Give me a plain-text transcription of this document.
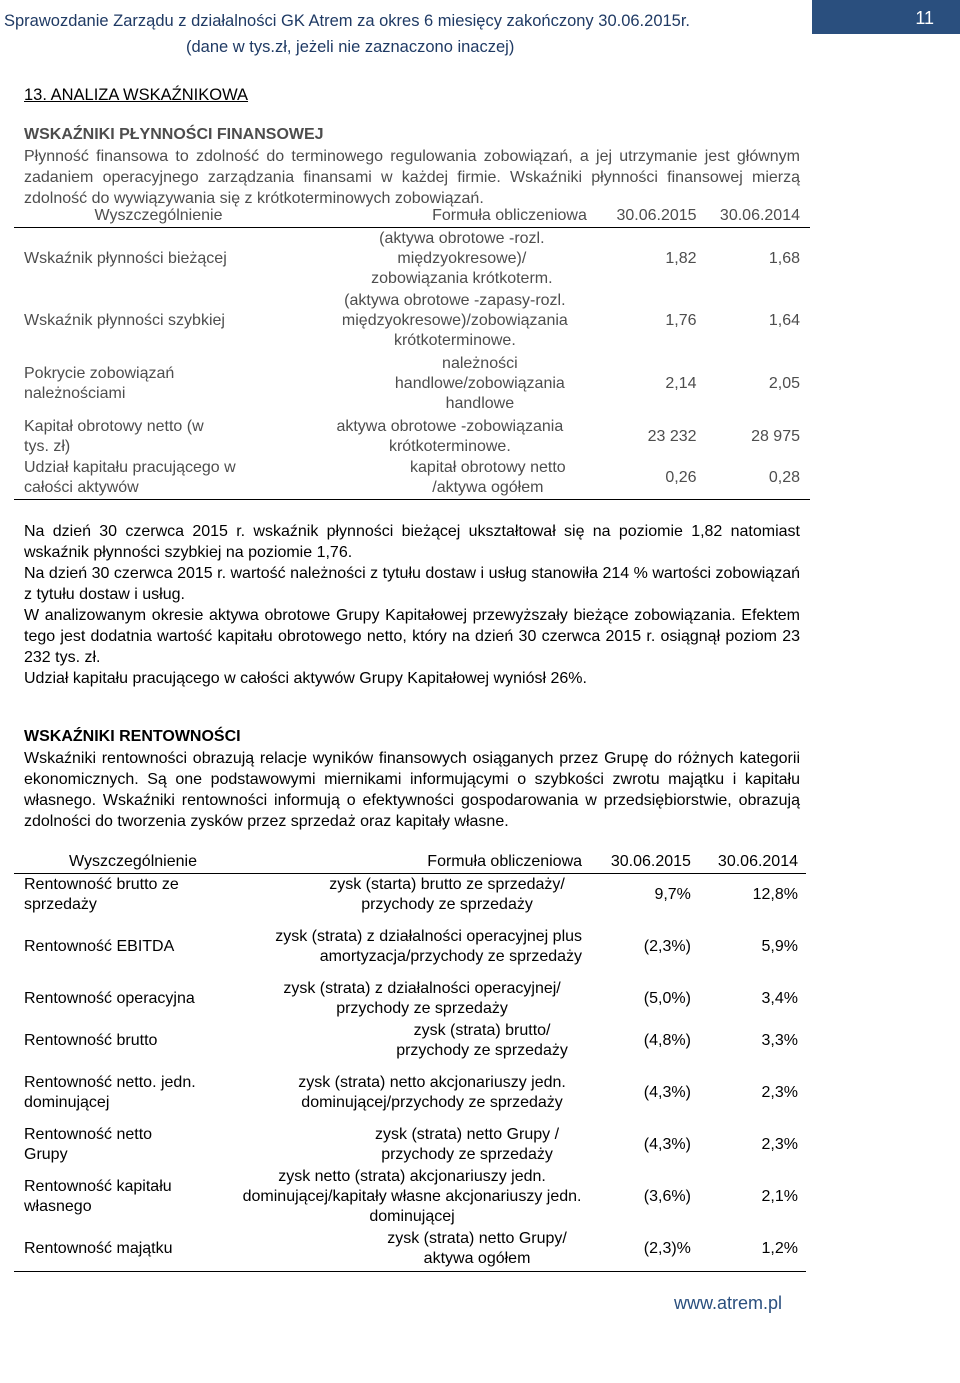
Sprawozdanie Zarządu z działalności GK Atrem za okres 6 miesięcy zakończony 30.06.2015r.
(dane w tys.zł, jeżeli nie zaznaczono inaczej)
11
13. ANALIZA WSKAŹNIKOWA
WSKAŹNIKI PŁYNNOŚCI FINANSOWEJ
Płynność finansowa to zdolność do terminowego regulowania zobowiązań, a jej utrzymanie jest głównym zadaniem operacyjnego zarządzania finansami w każdej firmie. Wskaźniki płynności finansowej mierzą zdolność do wywiązywania się z krótkoterminowych zobowiązań.
Wyszczególnienie	Formuła obliczeniowa	30.06.2015	30.06.2014
Wskaźnik płynności bieżącej	(aktywa obrotowe -rozl. międzyokresowe)/ zobowiązania krótkoterm.	1,82	1,68
Wskaźnik płynności szybkiej	(aktywa obrotowe -zapasy-rozl. międzyokresowe)/zobowiązania krótkoterminowe.	1,76	1,64

Pokrycie zobowiązań należnościami	należności handlowe/zobowiązania handlowe	2,14	2,05

Kapitał obrotowy netto (w tys. zł)	aktywa obrotowe -zobowiązania krótkoterminowe.	23 232	28 975

Udział kapitału pracującego w całości aktywów	kapitał obrotowy netto /aktywa ogółem	0,26	0,28
Na dzień 30 czerwca 2015 r. wskaźnik płynności bieżącej ukształtował się na poziomie 1,82 natomiast wskaźnik płynności szybkiej na poziomie 1,76.
Na dzień 30 czerwca 2015 r. wartość należności z tytułu dostaw i usług stanowiła 214 % wartości zobowiązań z tytułu dostaw i usług.
W analizowanym okresie aktywa obrotowe Grupy Kapitałowej przewyższały bieżące zobowiązania. Efektem tego jest dodatnia wartość kapitału obrotowego netto, który na dzień 30 czerwca 2015 r. osiągnął poziom 23 232 tys. zł.
Udział kapitału pracującego w całości aktywów Grupy Kapitałowej wyniósł 26%.
WSKAŹNIKI RENTOWNOŚCI
Wskaźniki rentowności obrazują relacje wyników finansowych osiąganych przez Grupę do różnych kategorii ekonomicznych. Są one podstawowymi miernikami informującymi o szybkości zwrotu majątku i kapitału własnego. Wskaźniki rentowności informują o efektywności gospodarowania w przedsiębiorstwie, obrazują zdolności do tworzenia zysków przez sprzedaż oraz kapitały własne.
Wyszczególnienie	Formuła obliczeniowa	30.06.2015	30.06.2014

Rentowność brutto ze sprzedaży	zysk (starta) brutto ze sprzedaży/ przychody ze sprzedaży	9,7%	12,8%
Rentowność EBITDA	zysk (strata) z działalności operacyjnej plus amortyzacja/przychody ze sprzedaży	(2,3%)	5,9%
Rentowność operacyjna	zysk (strata) z działalności operacyjnej/ przychody ze sprzedaży	(5,0%)	3,4%
Rentowność brutto	zysk (strata) brutto/ przychody ze sprzedaży	(4,8%)	3,3%

Rentowność netto. jedn. dominującej	zysk (strata) netto akcjonariuszy jedn. dominującej/przychody ze sprzedaży	(4,3%)	2,3%

Rentowność netto Grupy	zysk (strata) netto Grupy / przychody ze sprzedaży	(4,3%)	2,3%

Rentowność kapitału własnego	zysk netto (strata) akcjonariuszy jedn. dominującej/kapitały własne akcjonariuszy jedn. dominującej	(3,6%)	2,1%
Rentowność majątku	zysk (strata) netto Grupy/ aktywa ogółem	(2,3)%	1,2%
www.atrem.pl
